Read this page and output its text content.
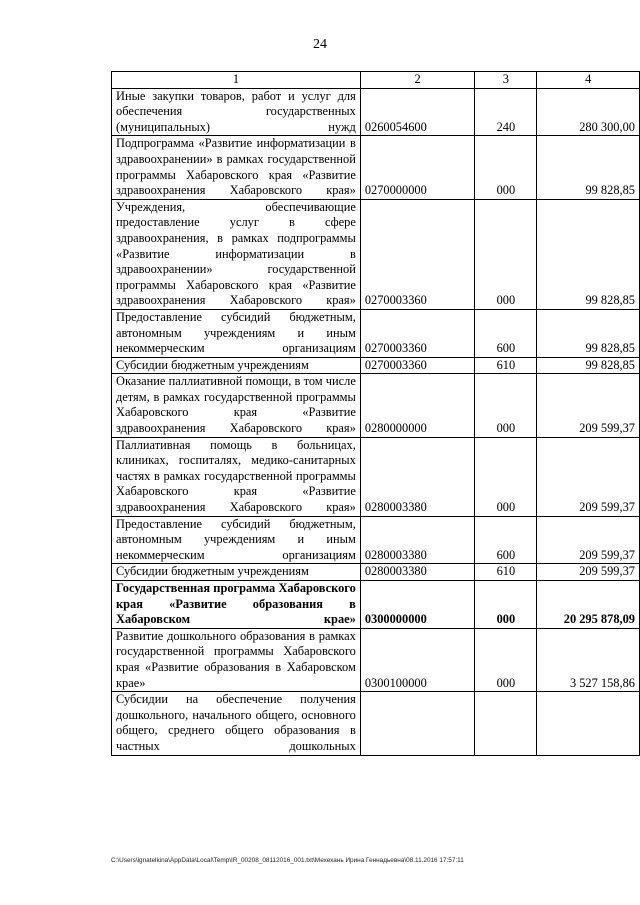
24
1	2	3	4
Иные закупки товаров, работ и услуг для обеспечения государственных (муниципальных) нужд	0260054600	240	280 300,00
Подпрограмма «Развитие информатизации в здравоохранении» в рамках государственной программы Хабаровского края «Развитие здравоохранения Хабаровского края»	0270000000	000	99 828,85
Учреждения, обеспечивающие предоставление услуг в сфере здравоохранения, в рамках подпрограммы «Развитие информатизации в здравоохранении» государственной программы Хабаровского края «Развитие здравоохранения Хабаровского края»	0270003360	000	99 828,85
Предоставление субсидий бюджетным, автономным учреждениям и иным некоммерческим организациям	0270003360	600	99 828,85
Субсидии бюджетным учреждениям	0270003360	610	99 828,85
Оказание паллиативной помощи, в том числе детям, в рамках государственной программы Хабаровского края «Развитие здравоохранения Хабаровского края»	0280000000	000	209 599,37
Паллиативная помощь в больницах, клиниках, госпиталях, медико-санитарных частях в рамках государственной программы Хабаровского края «Развитие здравоохранения Хабаровского края»	0280003380	000	209 599,37
Предоставление субсидий бюджетным, автономным учреждениям и иным некоммерческим организациям	0280003380	600	209 599,37
Субсидии бюджетным учреждениям	0280003380	610	209 599,37
Государственная программа Хабаровского края «Развитие образования в Хабаровском крае»	0300000000	000	20 295 878,09
Развитие дошкольного образования в рамках государственной программы Хабаровского края «Развитие образования в Хабаровском крае»	0300100000	000	3 527 158,86
Субсидии на обеспечение получения дошкольного, начального общего, основного общего, среднего общего образования в частных дошкольных			
C:\Users\ignatelkina\AppData\Local\Temp\IR_00208_08112016_001.txt\Мехехань Ирина Геннадьевна\08.11.2016 17:57:11
